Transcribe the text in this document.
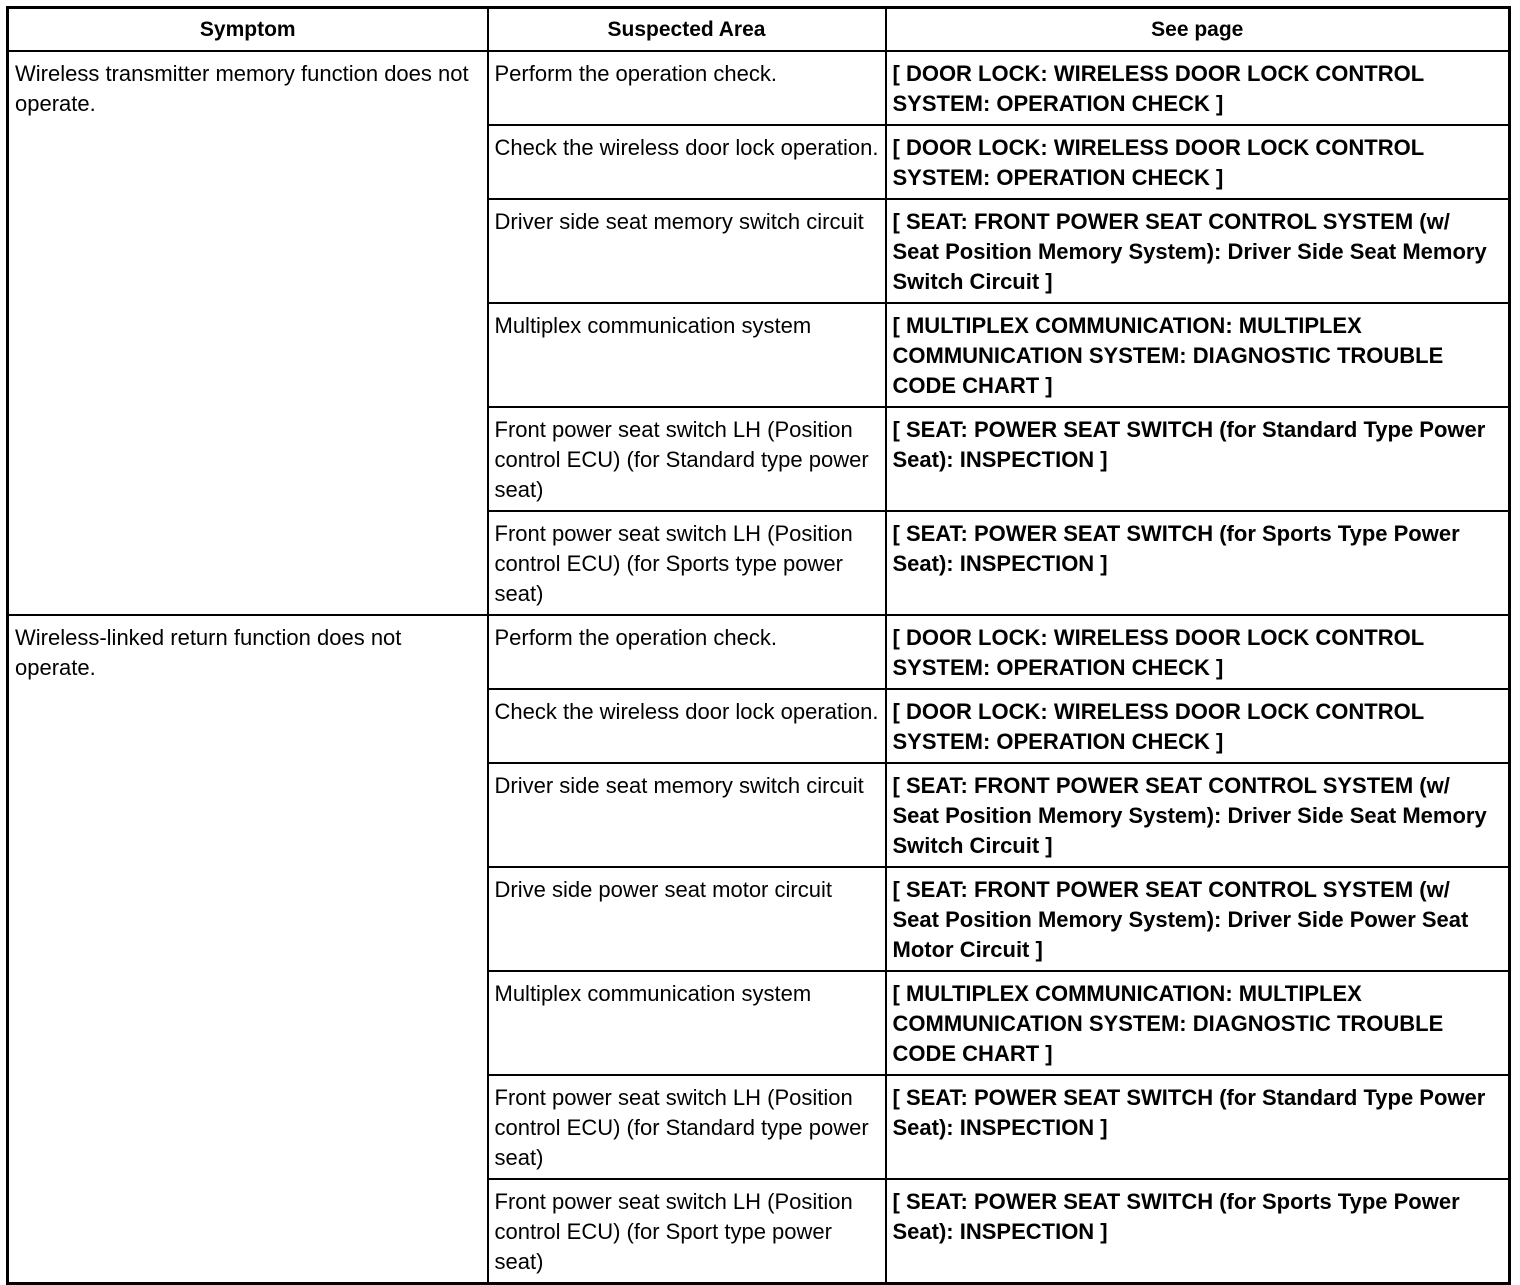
Symptom	Suspected Area	See page
Wireless transmitter memory function does not operate.	Perform the operation check.	[ DOOR LOCK: WIRELESS DOOR LOCK CONTROL SYSTEM: OPERATION CHECK ]
	Check the wireless door lock operation.	[ DOOR LOCK: WIRELESS DOOR LOCK CONTROL SYSTEM: OPERATION CHECK ]
	Driver side seat memory switch circuit	[ SEAT: FRONT POWER SEAT CONTROL SYSTEM (w/ Seat Position Memory System): Driver Side Seat Memory Switch Circuit ]
	Multiplex communication system	[ MULTIPLEX COMMUNICATION: MULTIPLEX COMMUNICATION SYSTEM: DIAGNOSTIC TROUBLE CODE CHART ]
	Front power seat switch LH (Position control ECU) (for Standard type power seat)	[ SEAT: POWER SEAT SWITCH (for Standard Type Power Seat): INSPECTION ]
	Front power seat switch LH (Position control ECU) (for Sports type power seat)	[ SEAT: POWER SEAT SWITCH (for Sports Type Power Seat): INSPECTION ]
Wireless-linked return function does not operate.	Perform the operation check.	[ DOOR LOCK: WIRELESS DOOR LOCK CONTROL SYSTEM: OPERATION CHECK ]
	Check the wireless door lock operation.	[ DOOR LOCK: WIRELESS DOOR LOCK CONTROL SYSTEM: OPERATION CHECK ]
	Driver side seat memory switch circuit	[ SEAT: FRONT POWER SEAT CONTROL SYSTEM (w/ Seat Position Memory System): Driver Side Seat Memory Switch Circuit ]
	Drive side power seat motor circuit	[ SEAT: FRONT POWER SEAT CONTROL SYSTEM (w/ Seat Position Memory System): Driver Side Power Seat Motor Circuit ]
	Multiplex communication system	[ MULTIPLEX COMMUNICATION: MULTIPLEX COMMUNICATION SYSTEM: DIAGNOSTIC TROUBLE CODE CHART ]
	Front power seat switch LH (Position control ECU) (for Standard type power seat)	[ SEAT: POWER SEAT SWITCH (for Standard Type Power Seat): INSPECTION ]
	Front power seat switch LH (Position control ECU) (for Sport type power seat)	[ SEAT: POWER SEAT SWITCH (for Sports Type Power Seat): INSPECTION ]
